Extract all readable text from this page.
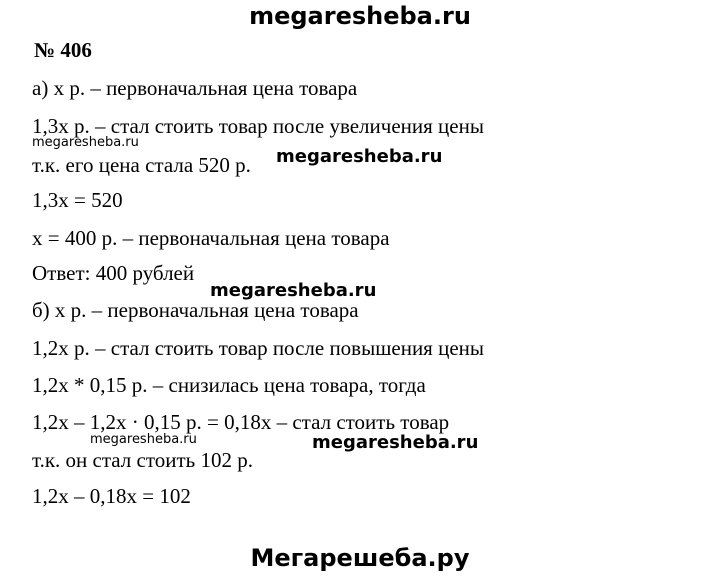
megaresheba.ru
№ 406
а) х р. – первоначальная цена товара
1,3х р. – стал стоить товар после увеличения цены
megaresheba.ru
т.к. его цена стала 520 р. megaresheba.ru
1,3х = 520
х = 400 р. – первоначальная цена товара
Ответ: 400 рублей
megaresheba.ru
б) х р. – первоначальная цена товара
1,2х р. – стал стоить товар после повышения цены
1,2х * 0,15 р. – снизилась цена товара, тогда
1,2х – 1,2х · 0,15 р. = 0,18х – стал стоить товар
megaresheba.ru	megaresheba.ru
т.к. он стал стоить 102 р.
1,2х – 0,18х = 102
Мегарешеба.ру
